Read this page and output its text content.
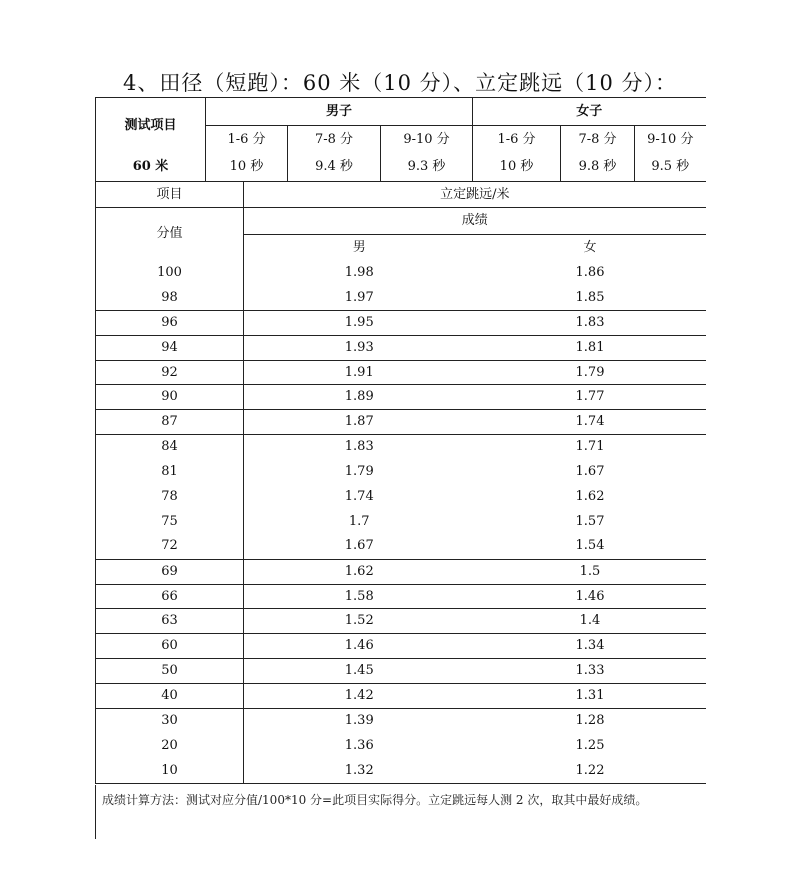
4、田径（短跑）：60 米（10 分）、立定跳远（10 分）：
测试项目	男子			女子		
	1-6 分	7-8 分	9-10 分	1-6 分	7-8 分	9-10 分
60 米	10 秒	9.4 秒	9.3 秒	10 秒	9.8 秒	9.5 秒
项目	立定跳远/米	
分值	成绩	
	男	女
100	1.98	1.86
98	1.97	1.85
96	1.95	1.83
94	1.93	1.81
92	1.91	1.79
90	1.89	1.77
87	1.87	1.74
84	1.83	1.71
81	1.79	1.67
78	1.74	1.62
75	1.7	1.57
72	1.67	1.54
69	1.62	1.5
66	1.58	1.46
63	1.52	1.4
60	1.46	1.34
50	1.45	1.33
40	1.42	1.31
30	1.39	1.28
20	1.36	1.25
10	1.32	1.22
成绩计算方法：测试对应分值/100*10 分=此项目实际得分。立定跳远每人测 2 次，取其中最好成绩。
